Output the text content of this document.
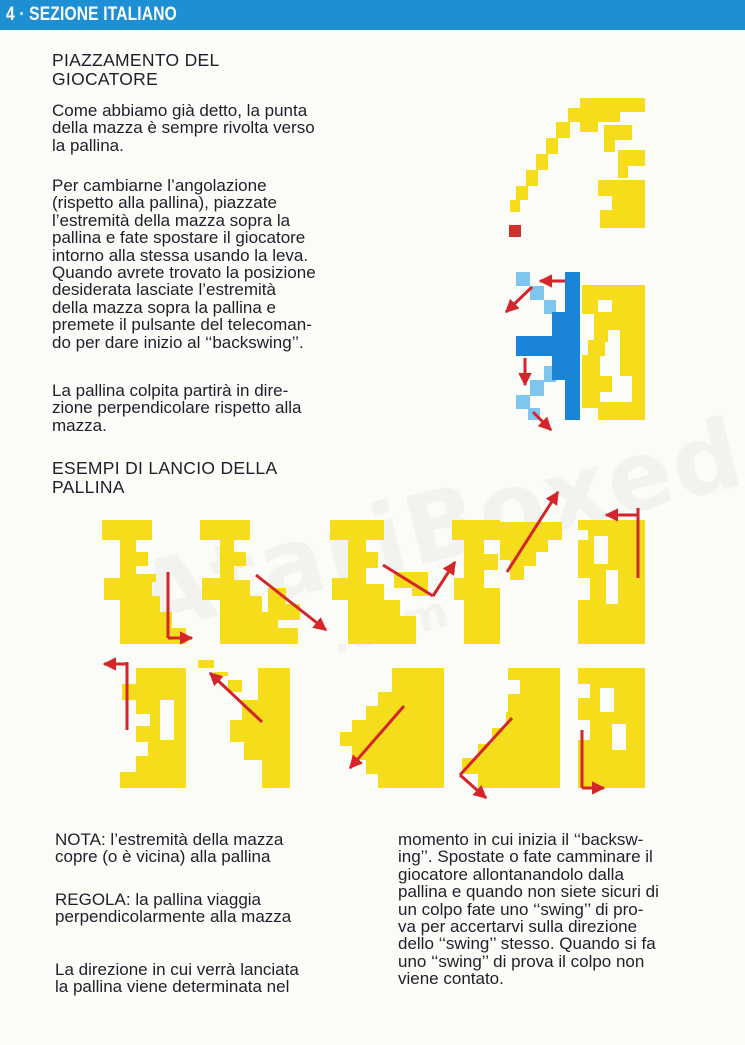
4 · SEZIONE ITALIANO
PIAZZAMENTO DEL
GIOCATORE
Come abbiamo già detto, la punta
della mazza è sempre rivolta verso
la pallina.
Per cambiarne l’angolazione
(rispetto alla pallina), piazzate
l’estremità della mazza sopra la
pallina e fate spostare il giocatore
intorno alla stessa usando la leva.
Quando avrete trovato la posizione
desiderata lasciate l’estremità
della mazza sopra la pallina e
premete il pulsante del telecoman-
do per dare inizio al ‘‘backswing’’.
La pallina colpita partirà in dire-
zione perpendicolare rispetto alla
mazza.
ESEMPI DI LANCIO DELLA
PALLINA
NOTA: l’estremità della mazza
copre (o è vicina) alla pallina
REGOLA: la pallina viaggia
perpendicolarmente alla mazza
La direzione in cui verrà lanciata
la pallina viene determinata nel
momento in cui inizia il ‘‘backsw-
ing’’. Spostate o fate camminare il
giocatore allontanandolo dalla
pallina e quando non siete sicuri di
un colpo fate uno ‘‘swing’’ di pro-
va per accertarvi sulla direzione
dello ‘‘swing’’ stesso. Quando si fa
uno ‘‘swing’’ di prova il colpo non
viene contato.
